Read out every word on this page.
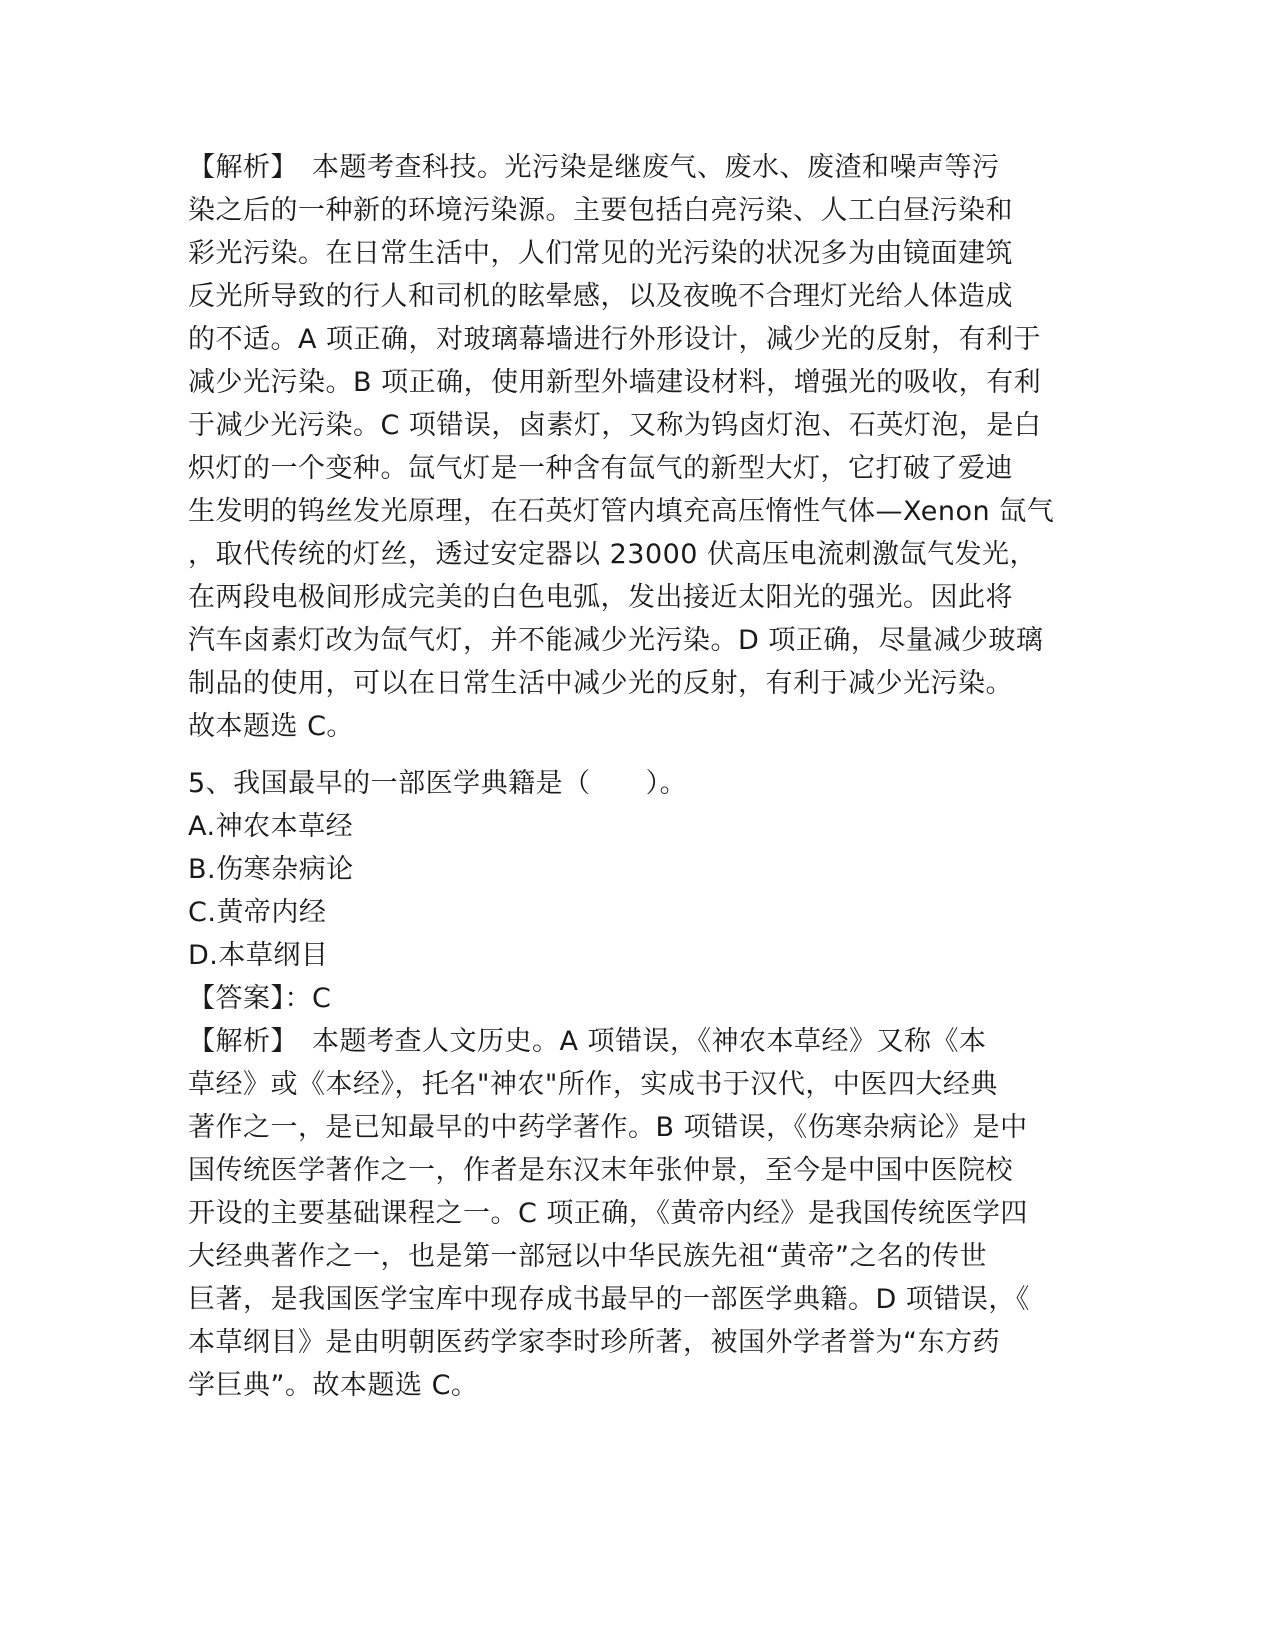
【解析】　本题考查科技。光污染是继废气、废水、废渣和噪声等污
染之后的一种新的环境污染源。主要包括白亮污染、人工白昼污染和
彩光污染。在日常生活中，人们常见的光污染的状况多为由镜面建筑
反光所导致的行人和司机的眩晕感，以及夜晚不合理灯光给人体造成
的不适。A 项正确，对玻璃幕墙进行外形设计，减少光的反射，有利于
减少光污染。B 项正确，使用新型外墙建设材料，增强光的吸收，有利
于减少光污染。C 项错误，卤素灯，又称为钨卤灯泡、石英灯泡，是白
炽灯的一个变种。氙气灯是一种含有氙气的新型大灯，它打破了爱迪
生发明的钨丝发光原理，在石英灯管内填充高压惰性气体—Xenon 氙气
，取代传统的灯丝，透过安定器以 23000 伏高压电流刺激氙气发光，
在两段电极间形成完美的白色电弧，发出接近太阳光的强光。因此将
汽车卤素灯改为氙气灯，并不能减少光污染。D 项正确，尽量减少玻璃
制品的使用，可以在日常生活中减少光的反射，有利于减少光污染。
故本题选 C。
5、我国最早的一部医学典籍是（　　）。
A.神农本草经
B.伤寒杂病论
C.黄帝内经
D.本草纲目
【答案】：C
【解析】　本题考查人文历史。A 项错误，《神农本草经》又称《本
草经》或《本经》，托名"神农"所作，实成书于汉代，中医四大经典
著作之一，是已知最早的中药学著作。B 项错误，《伤寒杂病论》是中
国传统医学著作之一，作者是东汉末年张仲景，至今是中国中医院校
开设的主要基础课程之一。C 项正确，《黄帝内经》是我国传统医学四
大经典著作之一，也是第一部冠以中华民族先祖“黄帝”之名的传世
巨著，是我国医学宝库中现存成书最早的一部医学典籍。D 项错误，《
本草纲目》是由明朝医药学家李时珍所著，被国外学者誉为“东方药
学巨典”。故本题选 C。
